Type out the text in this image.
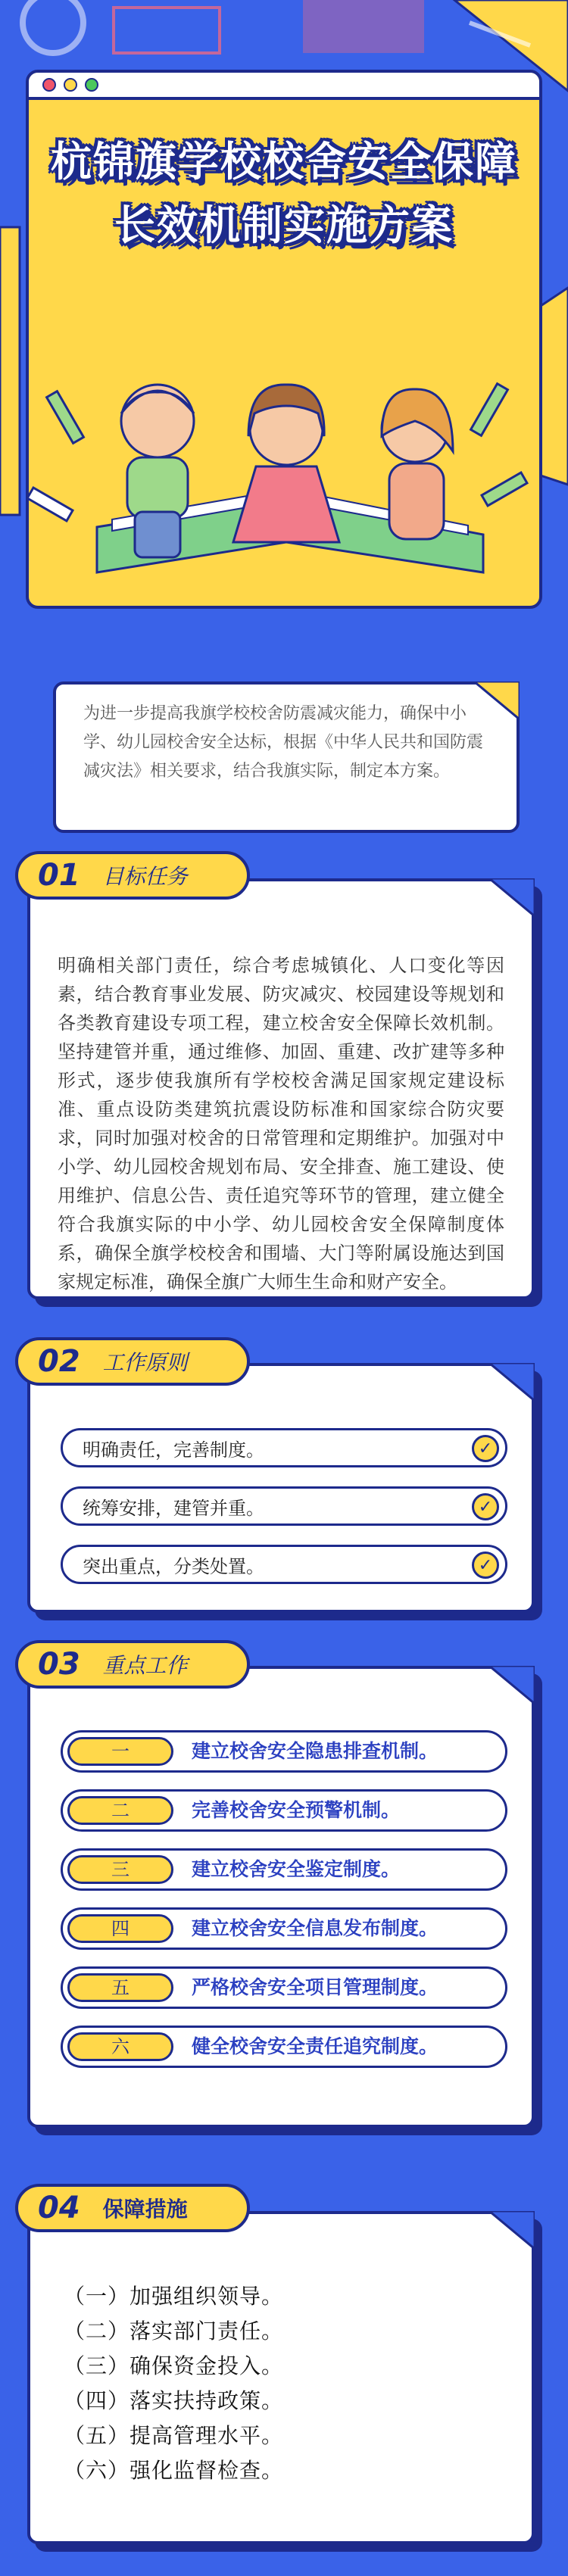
杭锦旗学校校舍安全保障
长效机制实施方案

为进一步提高我旗学校校舍防震减灾能力，确保中小学、幼儿园校舍安全达标，根据《中华人民共和国防震减灾法》相关要求，结合我旗实际，制定本方案。

明确相关部门责任，综合考虑城镇化、人口变化等因素，结合教育事业发展、防灾减灾、校园建设等规划和各类教育建设专项工程，建立校舍安全保障长效机制。坚持建管并重，通过维修、加固、重建、改扩建等多种形式，逐步使我旗所有学校校舍满足国家规定建设标准、重点设防类建筑抗震设防标准和国家综合防灾要求，同时加强对校舍的日常管理和定期维护。加强对中小学、幼儿园校舍规划布局、安全排查、施工建设、使用维护、信息公告、责任追究等环节的管理，建立健全符合我旗实际的中小学、幼儿园校舍安全保障制度体系，确保全旗学校校舍和围墙、大门等附属设施达到国家规定标准，确保全旗广大师生生命和财产安全。

01 目标任务
02 工作原则
明确责任，完善制度。	✓
统筹安排，建管并重。	✓
突出重点，分类处置。	✓
03 重点工作
一	建立校舍安全隐患排查机制。
二	完善校舍安全预警机制。
三	建立校舍安全鉴定制度。
四	建立校舍安全信息发布制度。
五	严格校舍安全项目管理制度。
六	健全校舍安全责任追究制度。
（一）加强组织领导。
（二）落实部门责任。
（三）确保资金投入。
（四）落实扶持政策。
（五）提高管理水平。
（六）强化监督检查。
04 保障措施
